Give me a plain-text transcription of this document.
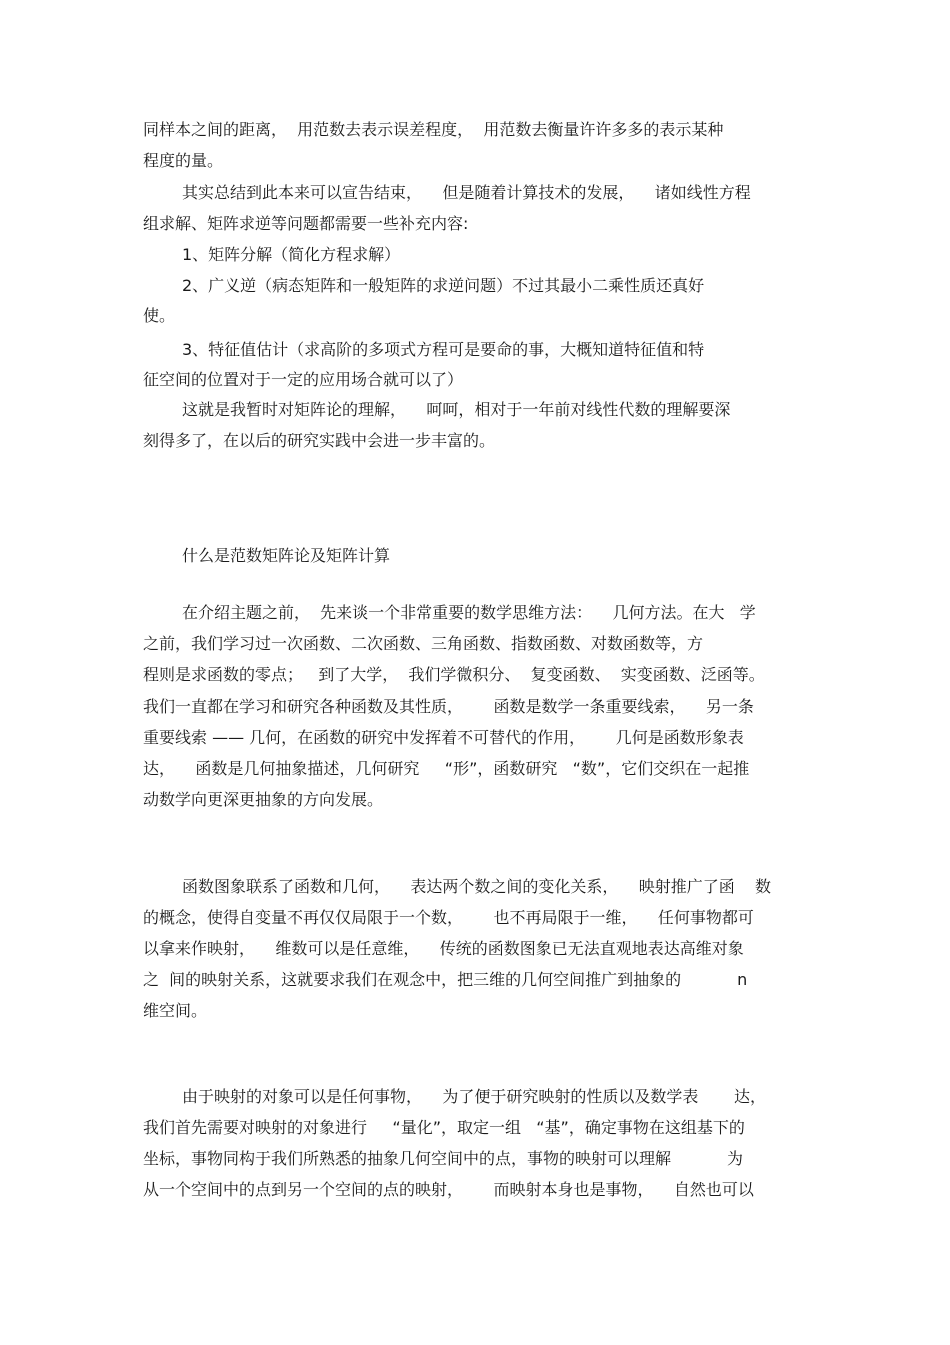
同样本之间的距离，  用范数去表示误差程度，  用范数去衡量许许多多的表示某种
程度的量。
其实总结到此本来可以宣告结束，    但是随着计算技术的发展，    诸如线性方程
组求解、矩阵求逆等问题都需要一些补充内容:
1、矩阵分解（简化方程求解）
2、广义逆（病态矩阵和一般矩阵的求逆问题）不过其最小二乘性质还真好
使。
3、特征值估计（求高阶的多项式方程可是要命的事，大概知道特征值和特
征空间的位置对于一定的应用场合就可以了）
这就是我暂时对矩阵论的理解，    呵呵，相对于一年前对线性代数的理解要深
刻得多了，在以后的研究实践中会进一步丰富的。
什么是范数矩阵论及矩阵计算
在介绍主题之前，  先来谈一个非常重要的数学思维方法：    几何方法。在大   学
之前，我们学习过一次函数、二次函数、三角函数、指数函数、对数函数等，方
程则是求函数的零点；   到了大学，  我们学微积分、  复变函数、  实变函数、泛函等。
我们一直都在学习和研究各种函数及其性质，      函数是数学一条重要线索，    另一条
重要线索 —— 几何，在函数的研究中发挥着不可替代的作用，      几何是函数形象表
达，    函数是几何抽象描述，几何研究     “形”，函数研究   “数”，它们交织在一起推
动数学向更深更抽象的方向发展。
函数图象联系了函数和几何，    表达两个数之间的变化关系，    映射推广了函    数
的概念，使得自变量不再仅仅局限于一个数，      也不再局限于一维，    任何事物都可
以拿来作映射，    维数可以是任意维，    传统的函数图象已无法直观地表达高维对象
之  间的映射关系，这就要求我们在观念中，把三维的几何空间推广到抽象的           n
维空间。
由于映射的对象可以是任何事物，    为了便于研究映射的性质以及数学表       达，
我们首先需要对映射的对象进行     “量化”，取定一组   “基”，确定事物在这组基下的
坐标，事物同构于我们所熟悉的抽象几何空间中的点，事物的映射可以理解           为
从一个空间中的点到另一个空间的点的映射，      而映射本身也是事物，    自然也可以
